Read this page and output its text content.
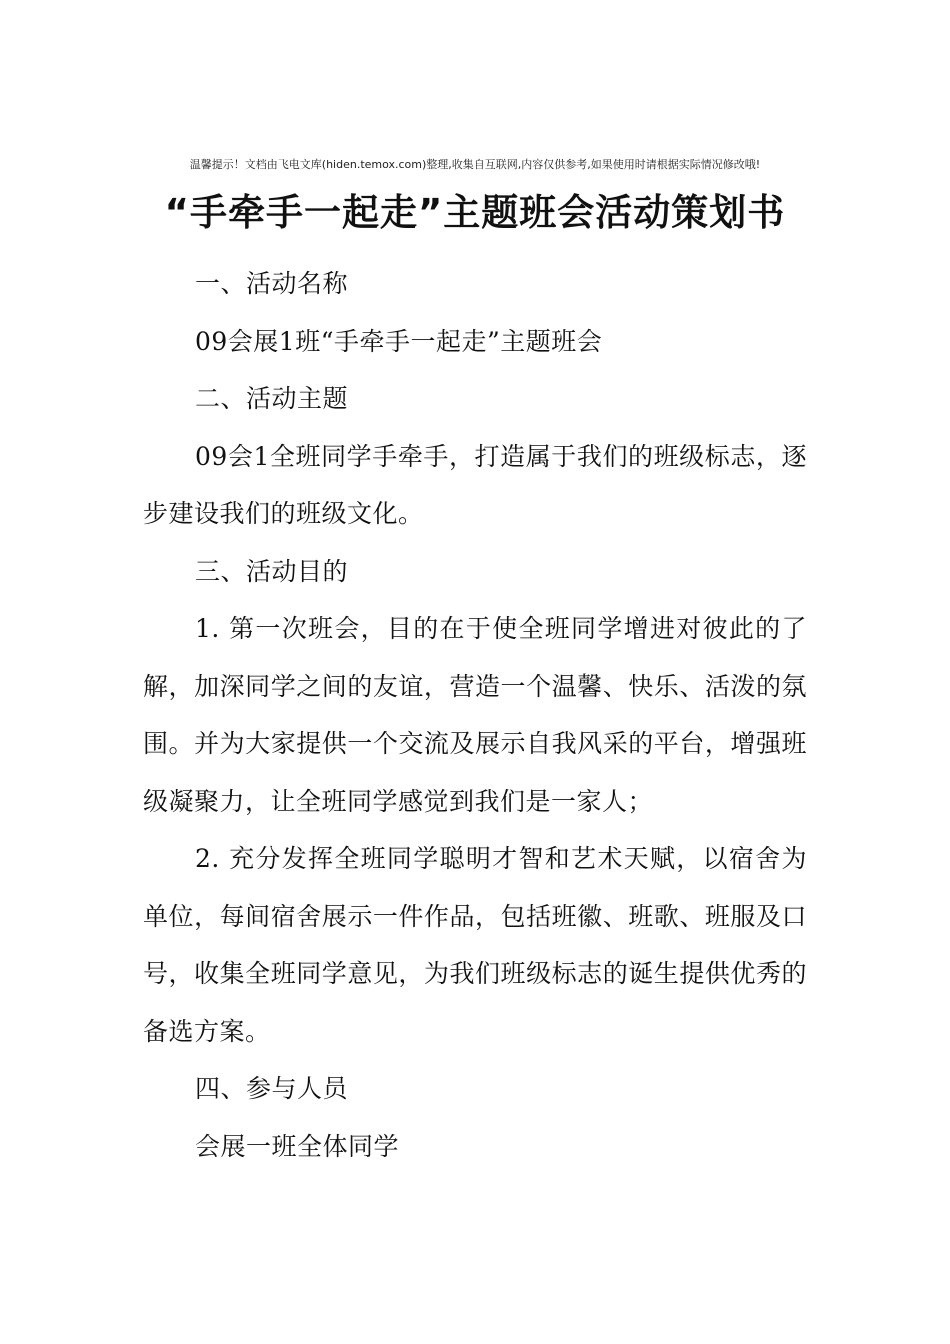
温馨提示！文档由飞电文库(hiden.temox.com)整理,收集自互联网,内容仅供参考,如果使用时请根据实际情况修改哦!
“手牵手一起走”主题班会活动策划书

一、活动名称

09会展1班“手牵手一起走”主题班会

二、活动主题

09会1全班同学手牵手，打造属于我们的班级标志，逐步建设我们的班级文化。

三、活动目的

1. 第一次班会，目的在于使全班同学增进对彼此的了解，加深同学之间的友谊，营造一个温馨、快乐、活泼的氛围。并为大家提供一个交流及展示自我风采的平台，增强班级凝聚力，让全班同学感觉到我们是一家人；

2. 充分发挥全班同学聪明才智和艺术天赋，以宿舍为单位，每间宿舍展示一件作品，包括班徽、班歌、班服及口号，收集全班同学意见，为我们班级标志的诞生提供优秀的备选方案。

四、参与人员

会展一班全体同学
